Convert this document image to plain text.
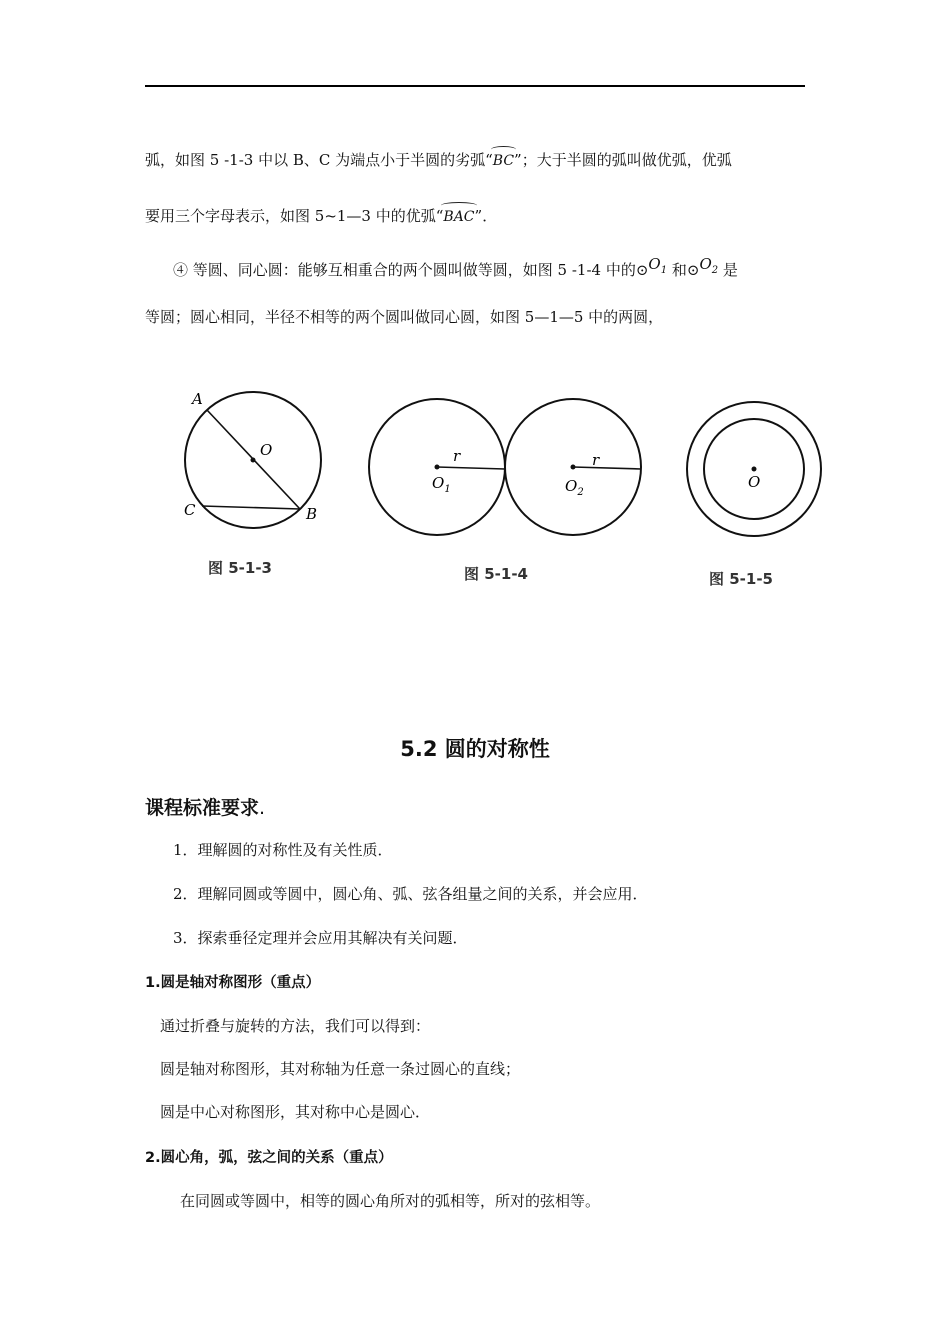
弧，如图 5 -1-3 中以 B、C 为端点小于半圆的劣弧“BC”；大于半圆的弧叫做优弧，优弧
要用三个字母表示，如图 5~1—3 中的优弧“BAC”．
④ 等圆、同心圆：能够互相重合的两个圆叫做等圆，如图 5 -1-4 中的$⊙O_1$ 和$⊙O_2$ 是
等圆；圆心相同，半径不相等的两个圆叫做同心圆，如图 5—1—5 中的两圆，
A
O
C	B
r	r
$O_1$	$O_2$
O
图 5-1-3	图 5-1-4	图 5-1-5
5.2 圆的对称性
课程标准要求.
1．理解圆的对称性及有关性质．
2．理解同圆或等圆中，圆心角、弧、弦各组量之间的关系，并会应用．
3．探索垂径定理并会应用其解决有关问题．
1.圆是轴对称图形（重点）
通过折叠与旋转的方法，我们可以得到：
圆是轴对称图形，其对称轴为任意一条过圆心的直线；
圆是中心对称图形，其对称中心是圆心．
2.圆心角，弧，弦之间的关系（重点）
在同圆或等圆中，相等的圆心角所对的弧相等，所对的弦相等。
